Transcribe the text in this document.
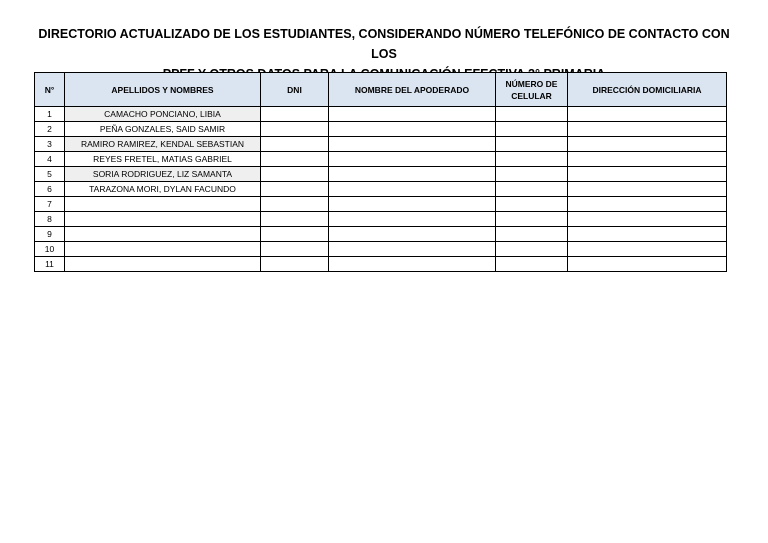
DIRECTORIO ACTUALIZADO DE LOS ESTUDIANTES, CONSIDERANDO NÚMERO TELEFÓNICO DE CONTACTO CON LOS
N°	APELLIDOS Y NOMBRES	DNI	NOMBRE DEL APODERADO	NÚMERO DE CELULAR	DIRECCIÓN DOMICILIARIA
1	CAMACHO PONCIANO, LIBIA				
2	PEÑA GONZALES, SAID SAMIR				
3	RAMIRO RAMIREZ, KENDAL SEBASTIAN				
4	REYES FRETEL, MATIAS GABRIEL				
5	SORIA RODRIGUEZ, LIZ SAMANTA				
6	TARAZONA MORI, DYLAN FACUNDO				
7					
8					
9					
10					
11					
